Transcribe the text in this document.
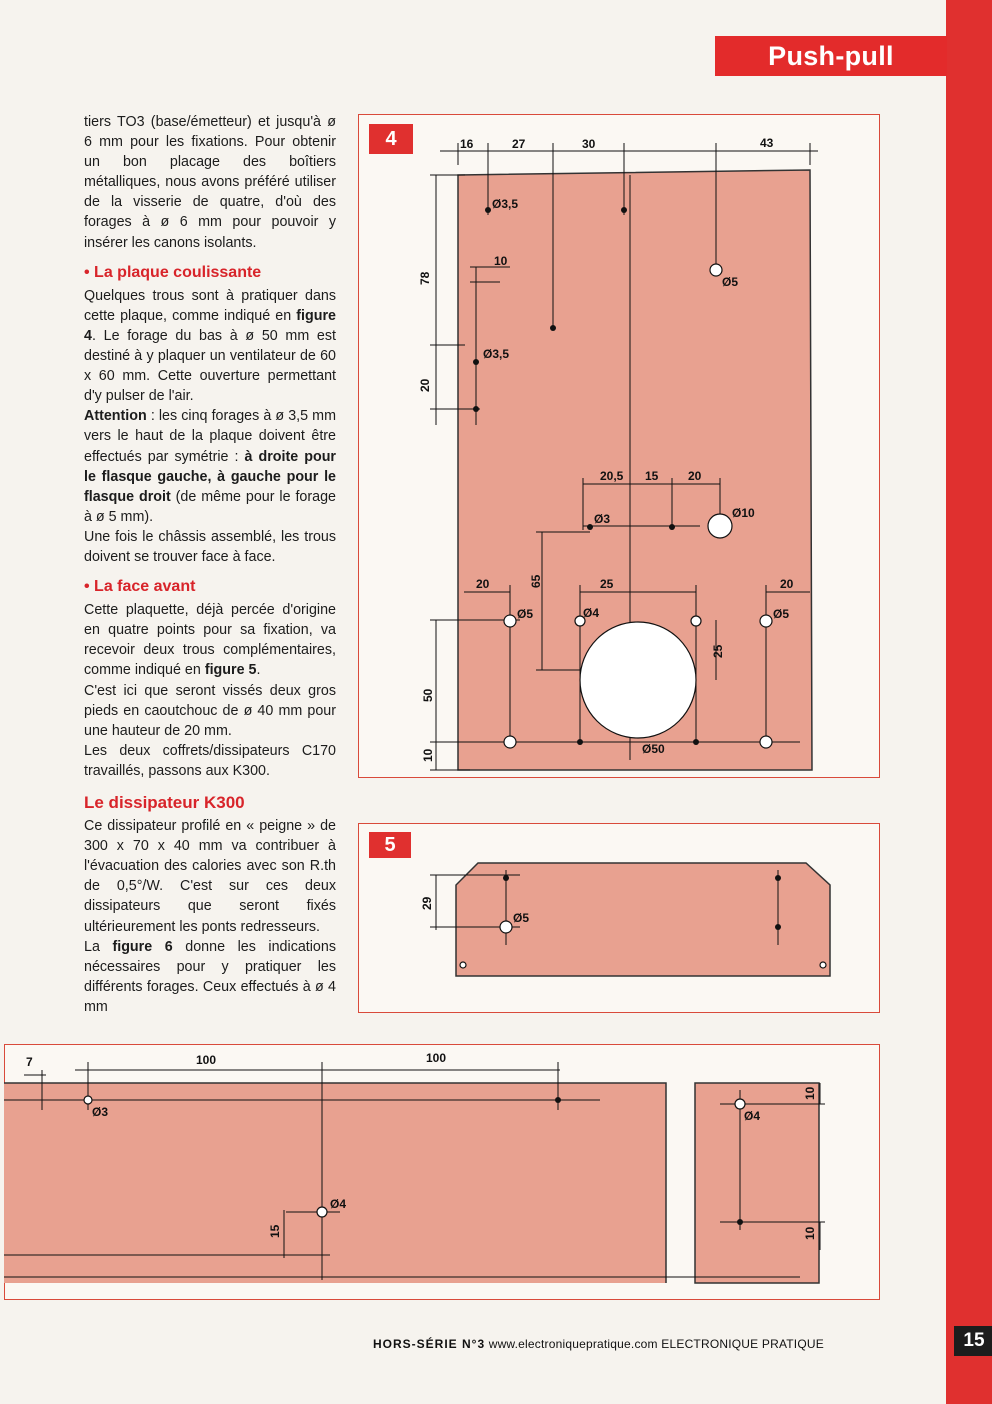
Push-pull

tiers TO3 (base/émetteur) et jusqu'à ø 6 mm pour les fixations. Pour obtenir un bon placage des boîtiers métalliques, nous avons préféré utiliser de la visserie de quatre, d'où des forages à ø 6 mm pour pouvoir y insérer les canons isolants.

• La plaque coulissante

Quelques trous sont à pratiquer dans cette plaque, comme indiqué en figure 4. Le forage du bas à ø 50 mm est destiné à y plaquer un ventilateur de 60 x 60 mm. Cette ouverture permettant d'y pulser de l'air.

Attention : les cinq forages à ø 3,5 mm vers le haut de la plaque doivent être effectués par symétrie : à droite pour le flasque gauche, à gauche pour le flasque droit (de même pour le forage à ø 5 mm).

Une fois le châssis assemblé, les trous doivent se trouver face à face.

• La face avant

Cette plaquette, déjà percée d'origine en quatre points pour sa fixation, va recevoir deux trous complémentaires, comme indiqué en figure 5.

C'est ici que seront vissés deux gros pieds en caoutchouc de ø 40 mm pour une hauteur de 20 mm.

Les deux coffrets/dissipateurs C170 travaillés, passons aux K300.

Le dissipateur K300

Ce dissipateur profilé en « peigne » de 300 x 70 x 40 mm va contribuer à l'évacuation des calories avec son R.th de 0,5°/W. C'est sur ces deux dissipateurs que seront fixés ultérieurement les ponts redresseurs.

La figure 6 donne les indications nécessaires pour y pratiquer les différents forages. Ceux effectués à ø 4 mm

4	16	27	30	43
78
10
20
Ø3,5
Ø5
Ø3,5
20,5 15 20
Ø3	Ø10
20	65	25	20
Ø5	Ø4	Ø5
25
50
10	Ø50
5
29
Ø5
7	100	100
15
10
10
Ø3
Ø4
Ø4
HORS-SÉRIE N°3 www.electroniquepratique.com ELECTRONIQUE PRATIQUE	15
